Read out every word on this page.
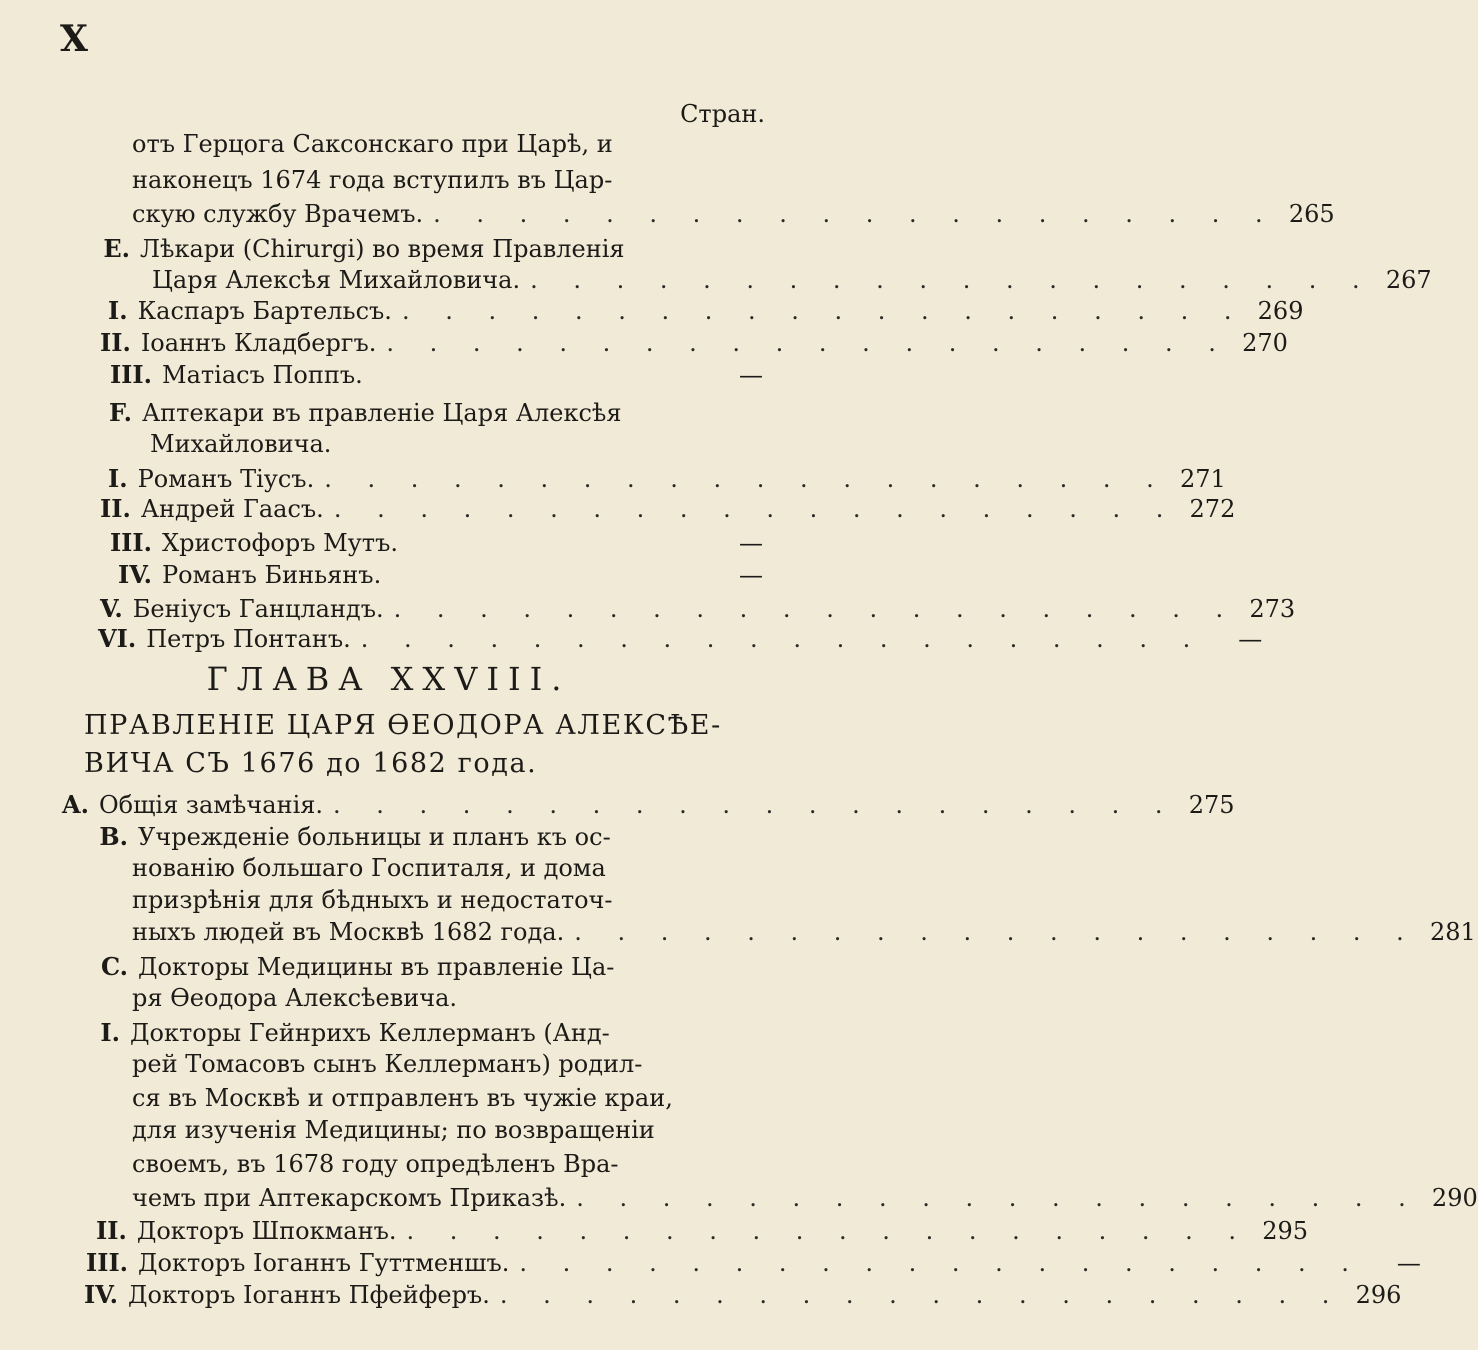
X
Стран.
отъ Герцога Саксонскаго при Царѣ, и
наконецъ 1674 года вступилъ въ Цар-
скую службу Врачемъ. . . . . . . . . . . . . . . . . . . . . 265
E. Лѣкари (Chirurgi) во время Правленія
Царя Алексѣя Михайловича. . . . . . . . . . . . . . . . . . . . . 267
I. Каспаръ Бартельсъ. . . . . . . . . . . . . . . . . . . . . 269
II. Іоаннъ Кладбергъ. . . . . . . . . . . . . . . . . . . . . 270
III. Матіасъ Поппъ.	—
F. Аптекари въ правленіе Царя Алексѣя
Михайловича.
I. Романъ Тіусъ. . . . . . . . . . . . . . . . . . . . . 271
II. Андрей Гаасъ. . . . . . . . . . . . . . . . . . . . . 272
III. Христофоръ Мутъ.	—
IV. Романъ Биньянъ.	—
V. Беніусъ Ганцландъ. . . . . . . . . . . . . . . . . . . . . 273
VI. Петръ Понтанъ. . . . . . . . . . . . . . . . . . . . .	—
ГЛАВА XXVIII.
ПРАВЛЕНІЕ ЦАРЯ ѲЕОДОРА АЛЕКСѢЕ-
ВИЧА СЪ 1676 до 1682 года.
A. Общія замѣчанія. . . . . . . . . . . . . . . . . . . . . 275
B. Учрежденіе больницы и планъ къ ос-
нованію большаго Госпиталя, и дома
призрѣнія для бѣдныхъ и недостаточ-
ныхъ людей въ Москвѣ 1682 года. . . . . . . . . . . . . . . . . . . . . 281
C. Докторы Медицины въ правленіе Ца-
ря Ѳеодора Алексѣевича.
I. Докторы Гейнрихъ Келлерманъ (Анд-
рей Томасовъ сынъ Келлерманъ) родил-
ся въ Москвѣ и отправленъ въ чужіе краи,
для изученія Медицины; по возвращеніи
своемъ, въ 1678 году опредѣленъ Вра-
чемъ при Аптекарскомъ Приказѣ. . . . . . . . . . . . . . . . . . . . . 290
II. Докторъ Шпокманъ. . . . . . . . . . . . . . . . . . . . . 295
III. Докторъ Іоганнъ Гуттменшъ. . . . . . . . . . . . . . . . . . . . .	—
IV. Докторъ Іоганнъ Пфейферъ. . . . . . . . . . . . . . . . . . . . . 296
